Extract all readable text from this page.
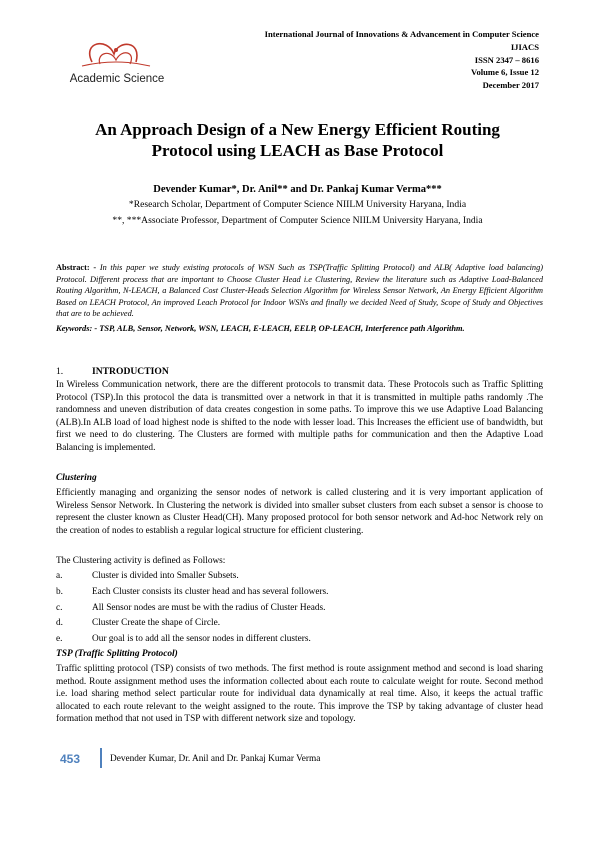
Academic Science
International Journal of Innovations & Advancement in Computer Science
IJIACS
ISSN 2347 – 8616
Volume 6, Issue 12
December 2017
An Approach Design of a New Energy Efficient Routing
Protocol using LEACH as Base Protocol
Devender Kumar*, Dr. Anil** and Dr. Pankaj Kumar Verma***
*Research Scholar, Department of Computer Science NIILM University Haryana, India
**, ***Associate Professor, Department of Computer Science NIILM University Haryana, India
Abstract: - In this paper we study existing protocols of WSN Such as TSP(Traffic Splitting Protocol) and ALB( Adaptive load balancing) Protocol. Different process that are important to Choose Cluster Head i.e Clustering, Review the literature such as Adaptive Load-Balanced Routing Algorithm, N-LEACH, a Balanced Cost Cluster-Heads Selection Algorithm for Wireless Sensor Network, An Energy Efficient Algorithm Based on LEACH Protocol, An improved Leach Protocol for Indoor WSNs and finally we decided Need of Study, Scope of Study and Objectives that are to be achieved.
Keywords: - TSP, ALB, Sensor, Network, WSN, LEACH, E-LEACH, EELP, OP-LEACH, Interference path Algorithm.
1.	INTRODUCTION
In Wireless Communication network, there are the different protocols to transmit data. These Protocols such as Traffic Splitting Protocol (TSP).In this protocol the data is transmitted over a network in that it is transmitted in multiple paths randomly .The randomness and uneven distribution of data creates congestion in some paths. To improve this we use Adaptive Load Balancing (ALB).In ALB load of load highest node is shifted to the node with lesser load. This Increases the efficient use of bandwidth, but first we need to do clustering. The Clusters are formed with multiple paths for communication and then the Adaptive Load Balancing is implemented.
Clustering
Efficiently managing and organizing the sensor nodes of network is called clustering and it is very important application of Wireless Sensor Network. In Clustering the network is divided into smaller subset clusters from each subset a sensor is choose to represent the cluster known as Cluster Head(CH). Many proposed protocol for both sensor network and Ad-hoc Network rely on the creation of nodes to establish a regular logical structure for efficient clustering.
The Clustering activity is defined as Follows:
a.	Cluster is divided into Smaller Subsets.
b.	Each Cluster consists its cluster head and has several followers.
c.	All Sensor nodes are must be with the radius of Cluster Heads.
d.	Cluster Create the shape of Circle.
e.	Our goal is to add all the sensor nodes in different clusters.
TSP (Traffic Splitting Protocol)
Traffic splitting protocol (TSP) consists of two methods. The first method is route assignment method and second is load sharing method. Route assignment method uses the information collected about each route to calculate weight for route. Second method i.e. load sharing method select particular route for individual data dynamically at real time. Also, it keeps the actual traffic allocated to each route relevant to the weight assigned to the route. This improve the TSP by taking advantage of cluster head formation method that not used in TSP with different network size and topology.
453	Devender Kumar, Dr. Anil and Dr. Pankaj Kumar Verma
